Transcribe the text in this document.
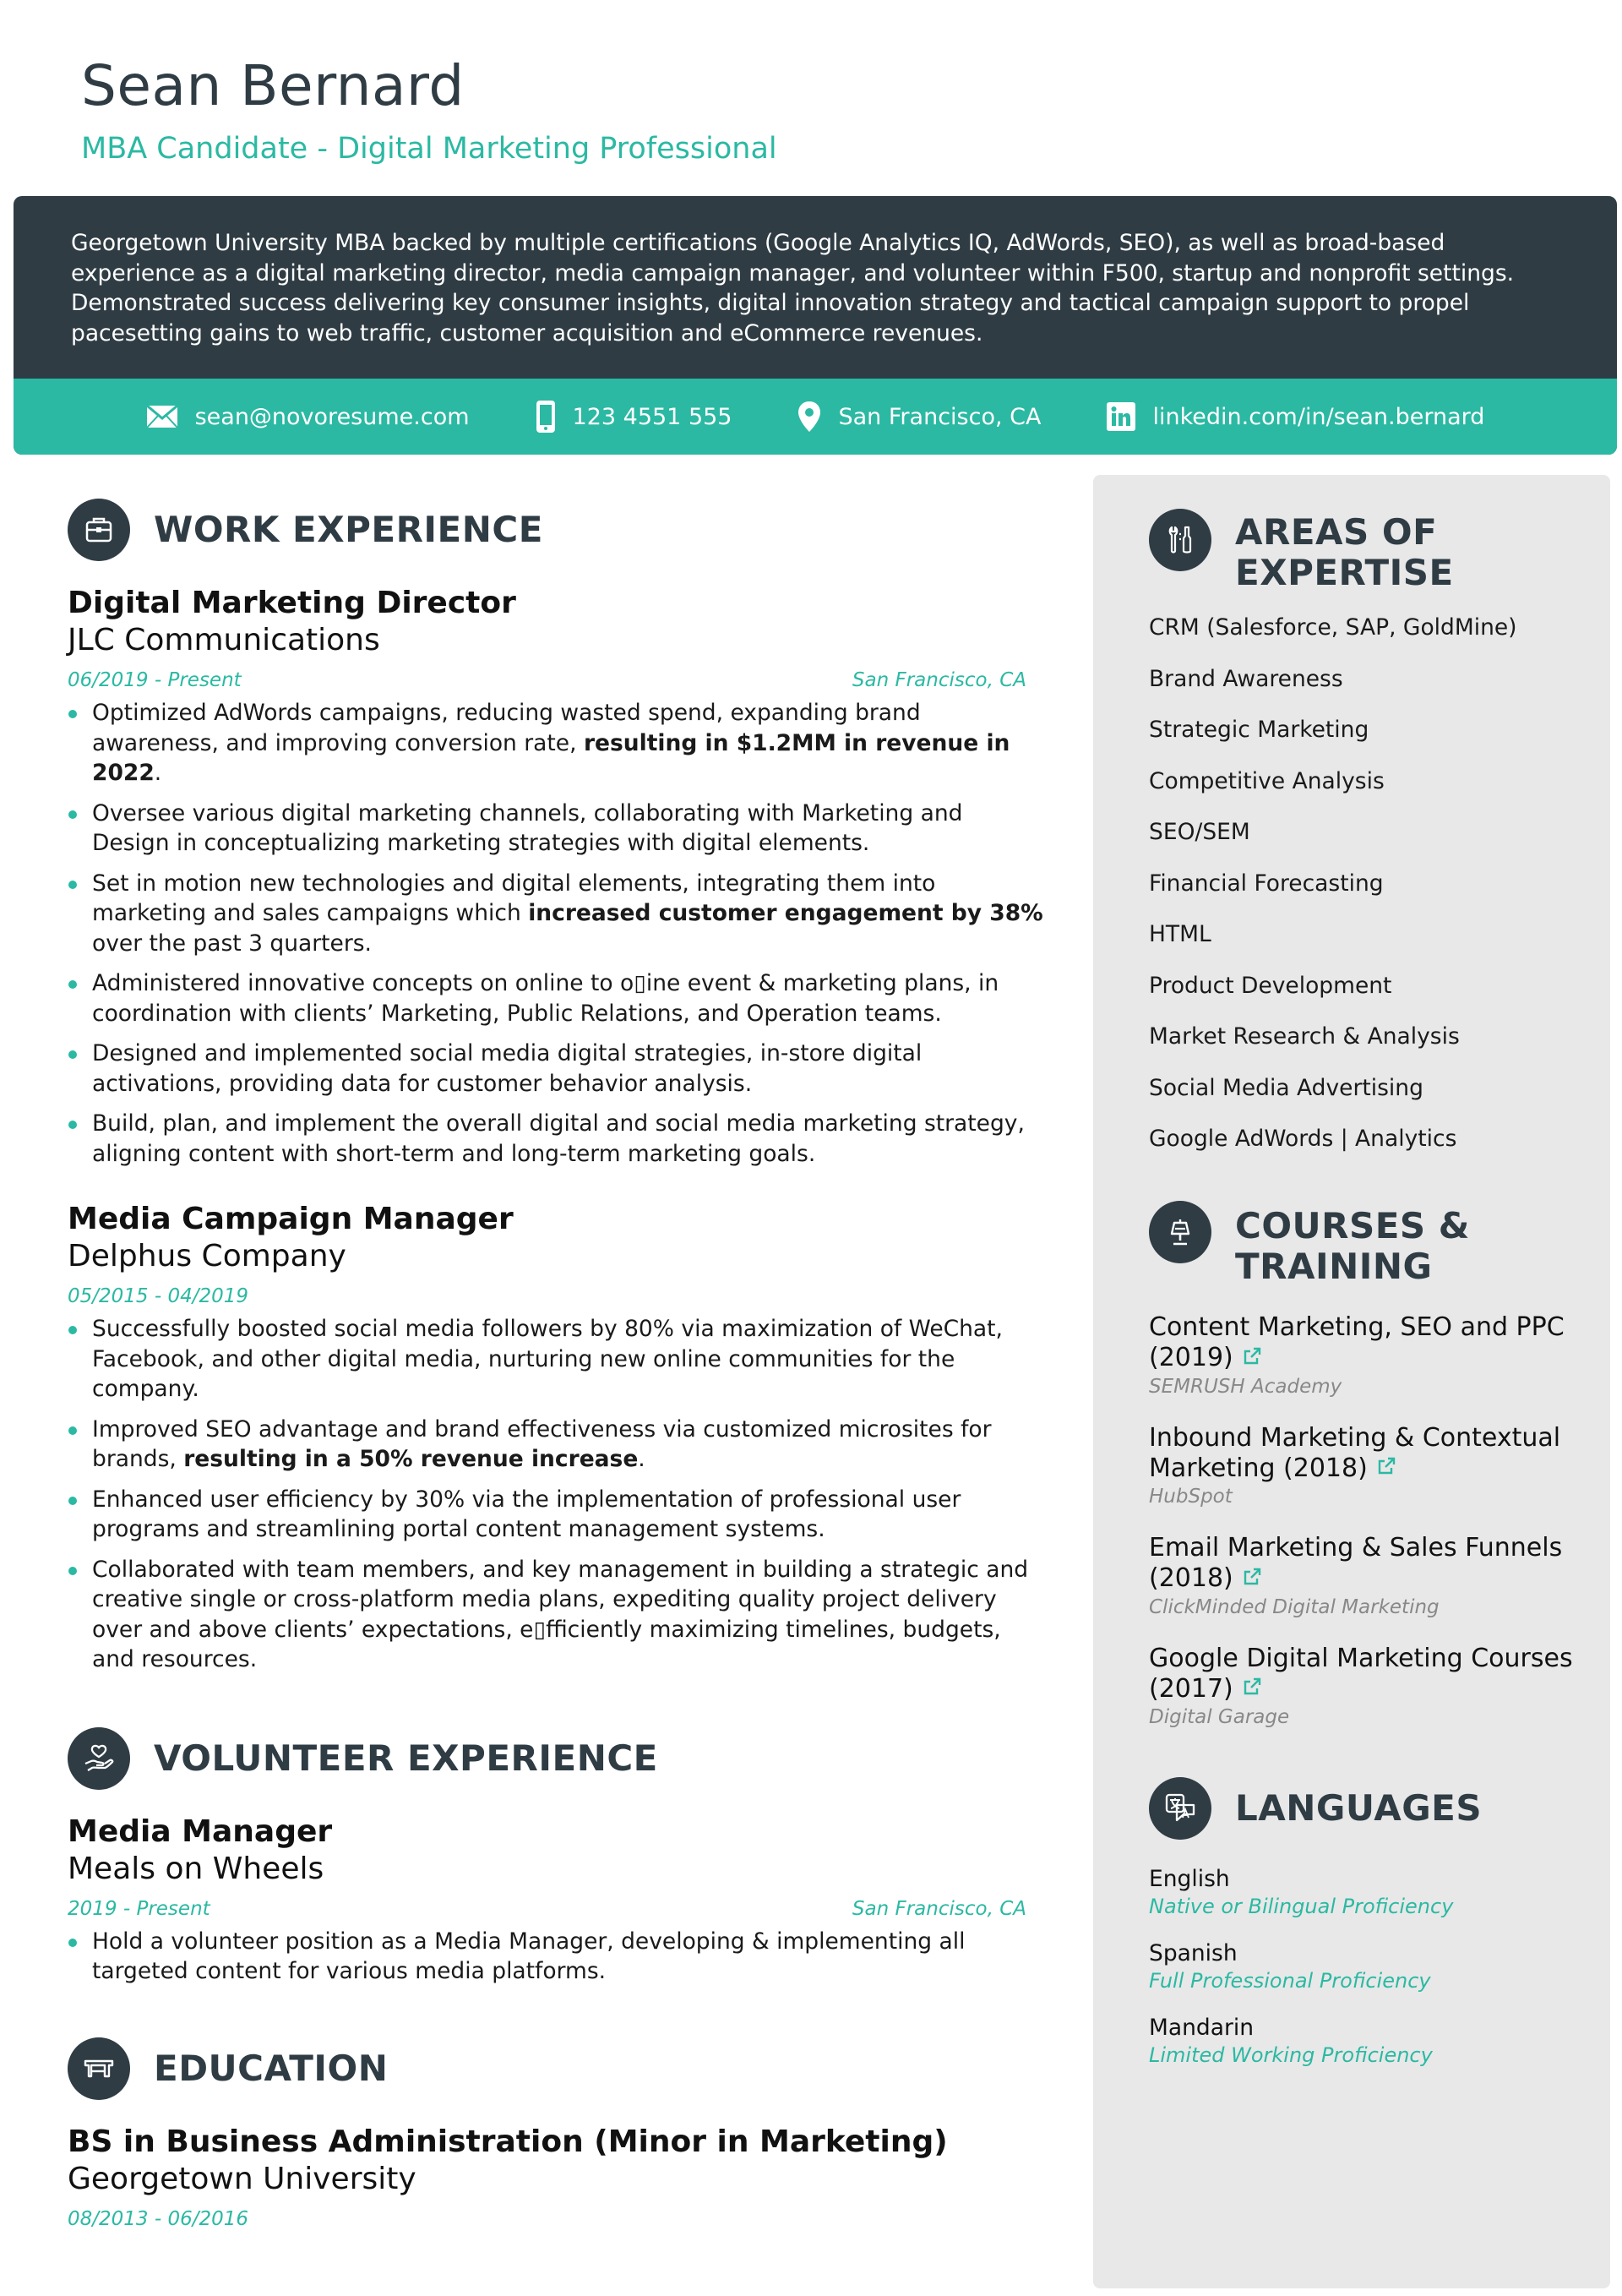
Sean Bernard
MBA Candidate - Digital Marketing Professional
Georgetown University MBA backed by multiple certifications (Google Analytics IQ, AdWords, SEO), as well as broad-based experience as a digital marketing director, media campaign manager, and volunteer within F500, startup and nonprofit settings. Demonstrated success delivering key consumer insights, digital innovation strategy and tactical campaign support to propel pacesetting gains to web traffic, customer acquisition and eCommerce revenues.
sean@novoresume.com	123 4551 555	San Francisco, CA	linkedin.com/in/sean.bernard
WORK EXPERIENCE
Digital Marketing Director
JLC Communications
06/2019 - Present	San Francisco, CA
Optimized AdWords campaigns, reducing wasted spend, expanding brand awareness, and improving conversion rate, resulting in $1.2MM in revenue in 2022.
Oversee various digital marketing channels, collaborating with Marketing and Design in conceptualizing marketing strategies with digital elements.
Set in motion new technologies and digital elements, integrating them into marketing and sales campaigns which increased customer engagement by 38% over the past 3 quarters.
Administered innovative concepts on online to o▯ine event & marketing plans, in coordination with clients’ Marketing, Public Relations, and Operation teams.
Designed and implemented social media digital strategies, in-store digital activations, providing data for customer behavior analysis.
Build, plan, and implement the overall digital and social media marketing strategy, aligning content with short-term and long-term marketing goals.
Media Campaign Manager
Delphus Company
05/2015 - 04/2019
Successfully boosted social media followers by 80% via maximization of WeChat, Facebook, and other digital media, nurturing new online communities for the company.
Improved SEO advantage and brand effectiveness via customized microsites for brands, resulting in a 50% revenue increase.
Enhanced user efficiency by 30% via the implementation of professional user programs and streamlining portal content management systems.
Collaborated with team members, and key management in building a strategic and creative single or cross-platform media plans, expediting quality project delivery over and above clients’ expectations, e▯fficiently maximizing timelines, budgets, and resources.
VOLUNTEER EXPERIENCE
Media Manager
Meals on Wheels
2019 - Present	San Francisco, CA
Hold a volunteer position as a Media Manager, developing & implementing all targeted content for various media platforms.
EDUCATION
BS in Business Administration (Minor in Marketing)
Georgetown University
08/2013 - 06/2016
AREAS OF
EXPERTISE
CRM (Salesforce, SAP, GoldMine)
Brand Awareness
Strategic Marketing
Competitive Analysis
SEO/SEM
Financial Forecasting
HTML
Product Development
Market Research & Analysis
Social Media Advertising
Google AdWords | Analytics
COURSES &
TRAINING
Content Marketing, SEO and PPC
(2019)
SEMRUSH Academy
Inbound Marketing & Contextual
Marketing (2018)
HubSpot
Email Marketing & Sales Funnels
(2018)
ClickMinded Digital Marketing
Google Digital Marketing Courses
(2017)
Digital Garage
LANGUAGES
English
Native or Bilingual Proficiency
Spanish
Full Professional Proficiency
Mandarin
Limited Working Proficiency
